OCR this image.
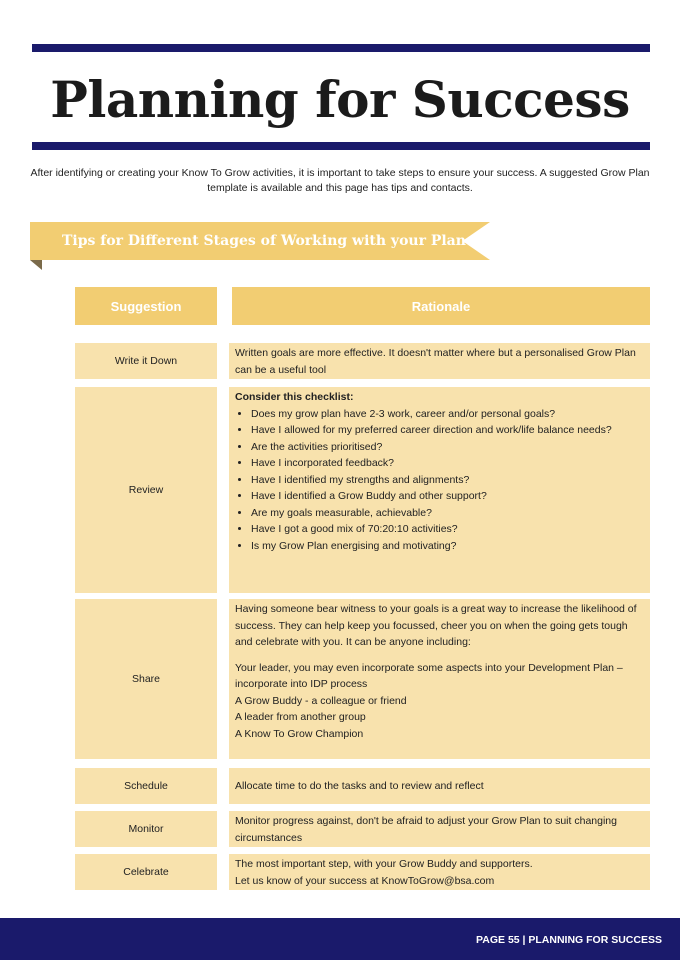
Planning for Success

After identifying or creating your Know To Grow activities, it is important to take steps to ensure your success. A suggested Grow Plan template is available and this page has tips and contacts.

Tips for Different Stages of Working with your Plan
Suggestion	Rationale
Write it Down

Written goals are more effective. It doesn't matter where but a personalised Grow Plan can be a useful tool

Review

Consider this checklist:

• Does my grow plan have 2-3 work, career and/or personal goals?
• Have I allowed for my preferred career direction and work/life balance needs?
• Are the activities prioritised?
• Have I incorporated feedback?
• Have I identified my strengths and alignments?
• Have I identified a Grow Buddy and other support?
• Are my goals measurable, achievable?
• Have I got a good mix of 70:20:10 activities?
• Is my Grow Plan energising and motivating?
Share

Having someone bear witness to your goals is a great way to increase the likelihood of success. They can help keep you focussed, cheer you on when the going gets tough and celebrate with you. It can be anyone including:

Your leader, you may even incorporate some aspects into your Development Plan – incorporate into IDP process

A Grow Buddy - a colleague or friend

A leader from another group

A Know To Grow Champion

Schedule	Allocate time to do the tasks and to review and reflect

Monitor

Monitor progress against, don't be afraid to adjust your Grow Plan to suit changing circumstances

Celebrate

The most important step, with your Grow Buddy and supporters.

Let us know of your success at KnowToGrow@bsa.com

PAGE 55 | PLANNING FOR SUCCESS
